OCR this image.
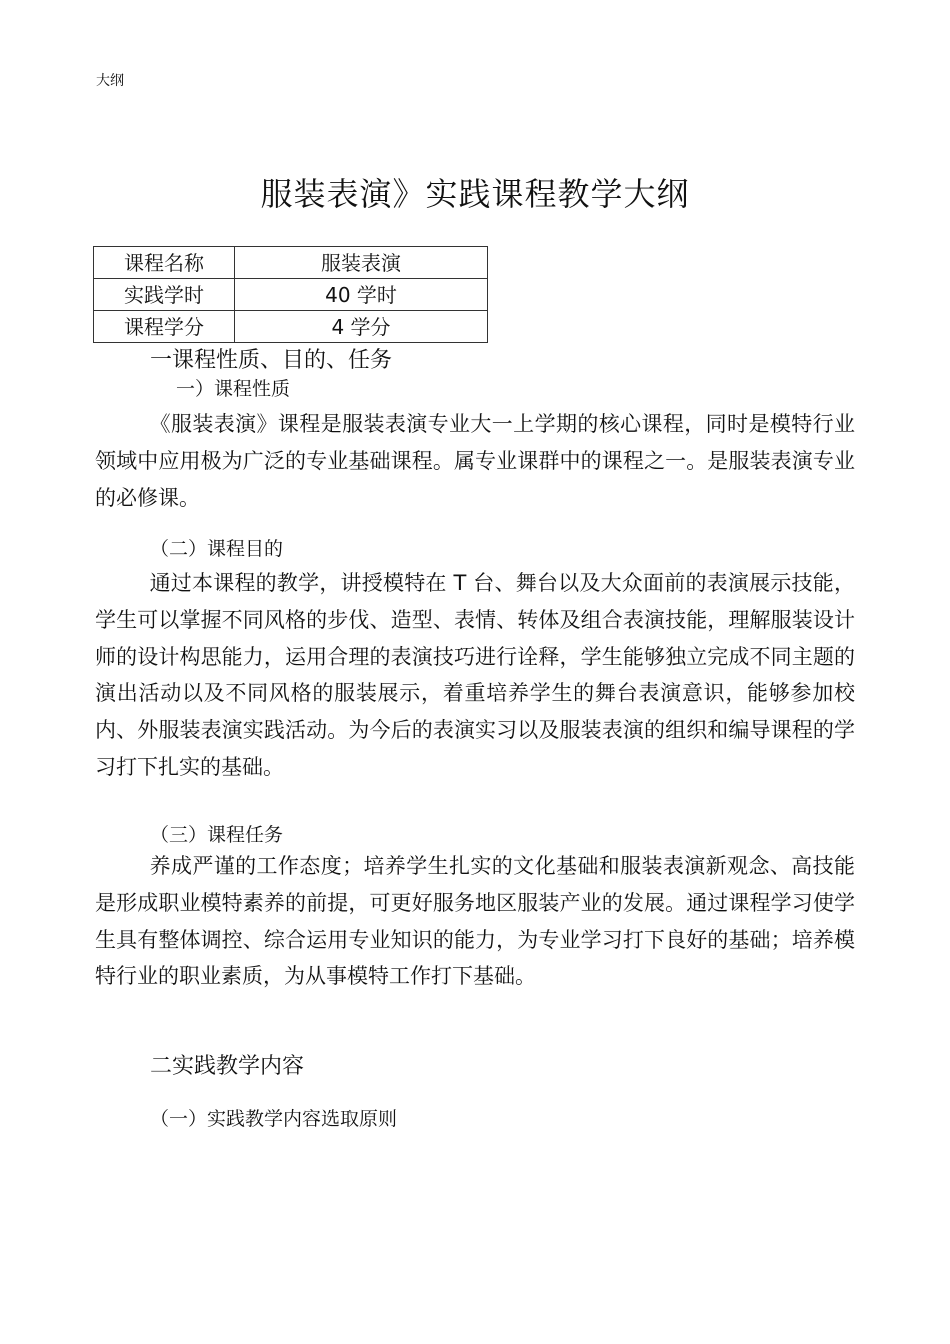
大纲
服装表演》实践课程教学大纲
课程名称	服装表演
实践学时	40 学时
课程学分	4 学分
一课程性质、目的、任务
一）课程性质

《服装表演》课程是服装表演专业大一上学期的核心课程，同时是模特行业领域中应用极为广泛的专业基础课程。属专业课群中的课程之一。是服装表演专业的必修课。

（二）课程目的

通过本课程的教学，讲授模特在 T 台、舞台以及大众面前的表演展示技能，学生可以掌握不同风格的步伐、造型、表情、转体及组合表演技能，理解服装设计师的设计构思能力，运用合理的表演技巧进行诠释，学生能够独立完成不同主题的演出活动以及不同风格的服装展示，着重培养学生的舞台表演意识，能够参加校内、外服装表演实践活动。为今后的表演实习以及服装表演的组织和编导课程的学习打下扎实的基础。

（三）课程任务

养成严谨的工作态度；培养学生扎实的文化基础和服装表演新观念、高技能是形成职业模特素养的前提，可更好服务地区服装产业的发展。通过课程学习使学生具有整体调控、综合运用专业知识的能力，为专业学习打下良好的基础；培养模特行业的职业素质，为从事模特工作打下基础。

二实践教学内容
（一）实践教学内容选取原则
